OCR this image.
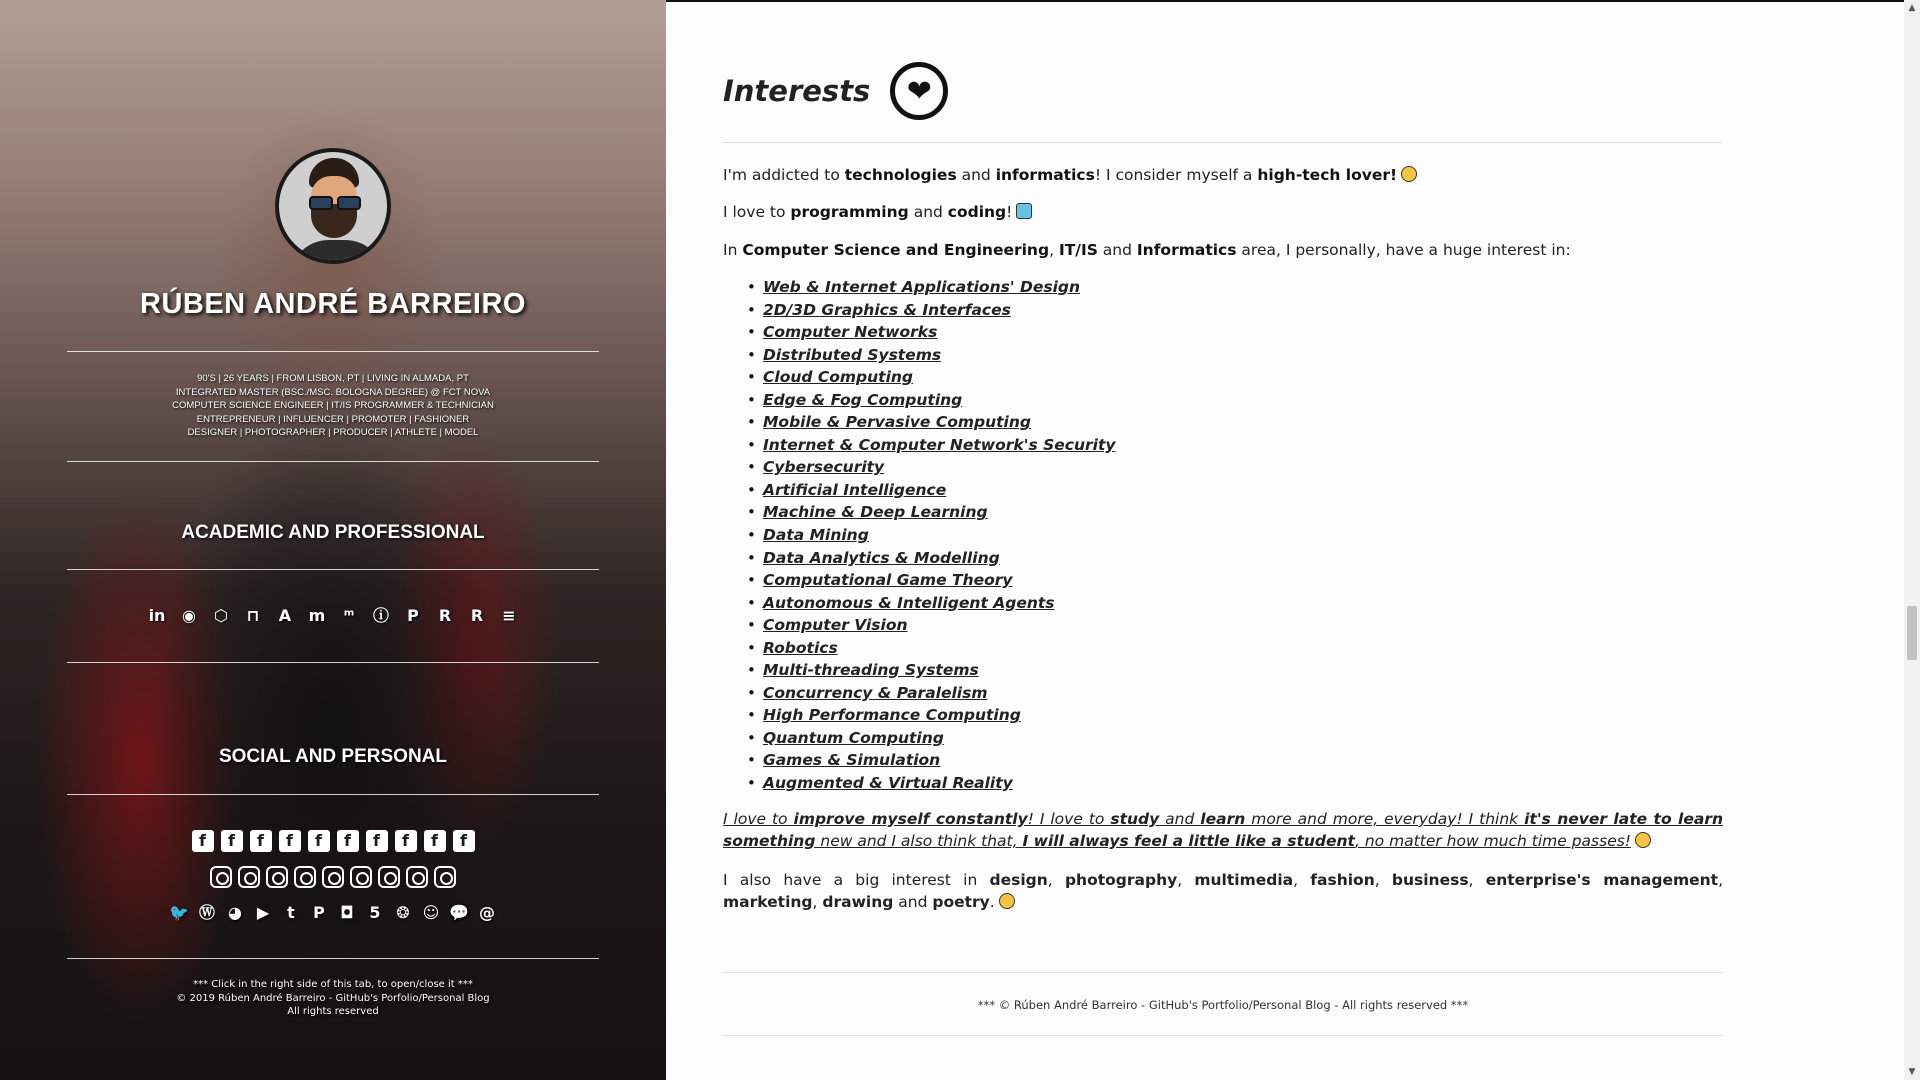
RÚBEN ANDRÉ BARREIRO
90'S | 26 YEARS | FROM LISBON, PT | LIVING IN ALMADA, PT
INTEGRATED MASTER (BSC./MSC. BOLOGNA DEGREE) @ FCT NOVA
COMPUTER SCIENCE ENGINEER | IT/IS PROGRAMMER & TECHNICIAN
ENTREPRENEUR | INFLUENCER | PROMOTER | FASHIONER
DESIGNER | PHOTOGRAPHER | PRODUCER | ATHLETE | MODEL
ACADEMIC AND PROFESSIONAL
in	◉	⬡	⊓	A	m	ᵐ	ⓘ	P	R	R	≡
SOCIAL AND PERSONAL
f	f	f	f	f	f	f	f	f	f
🐦 Ⓦ ◕ ▶	t	P ◘ 5 ❂ ☺ 💬 @
*** Click in the right side of this tab, to open/close it ***
© 2019 Rúben André Barreiro - GitHub's Porfolio/Personal Blog
All rights reserved
Interests	❤

I'm addicted to technologies and informatics! I consider myself a high-tech lover!

I love to programming and coding!

In Computer Science and Engineering, IT/IS and Informatics area, I personally, have a huge interest in:

• Web & Internet Applications' Design
• 2D/3D Graphics & Interfaces
• Computer Networks
• Distributed Systems
• Cloud Computing
• Edge & Fog Computing
• Mobile & Pervasive Computing
• Internet & Computer Network's Security
• Cybersecurity
• Artificial Intelligence
• Machine & Deep Learning
• Data Mining
• Data Analytics & Modelling
• Computational Game Theory
• Autonomous & Intelligent Agents
• Computer Vision
• Robotics
• Multi-threading Systems
• Concurrency & Paralelism
• High Performance Computing
• Quantum Computing
• Games & Simulation
• Augmented & Virtual Reality

I love to improve myself constantly! I love to study and learn more and more, everyday! I think it's never late to learn something new and I also think that, I will always feel a little like a student, no matter how much time passes!

I also have a big interest in design, photography, multimedia, fashion, business, enterprise's management, marketing, drawing and poetry.

*** © Rúben André Barreiro - GitHub's Portfolio/Personal Blog - All rights reserved ***
▲
▼
